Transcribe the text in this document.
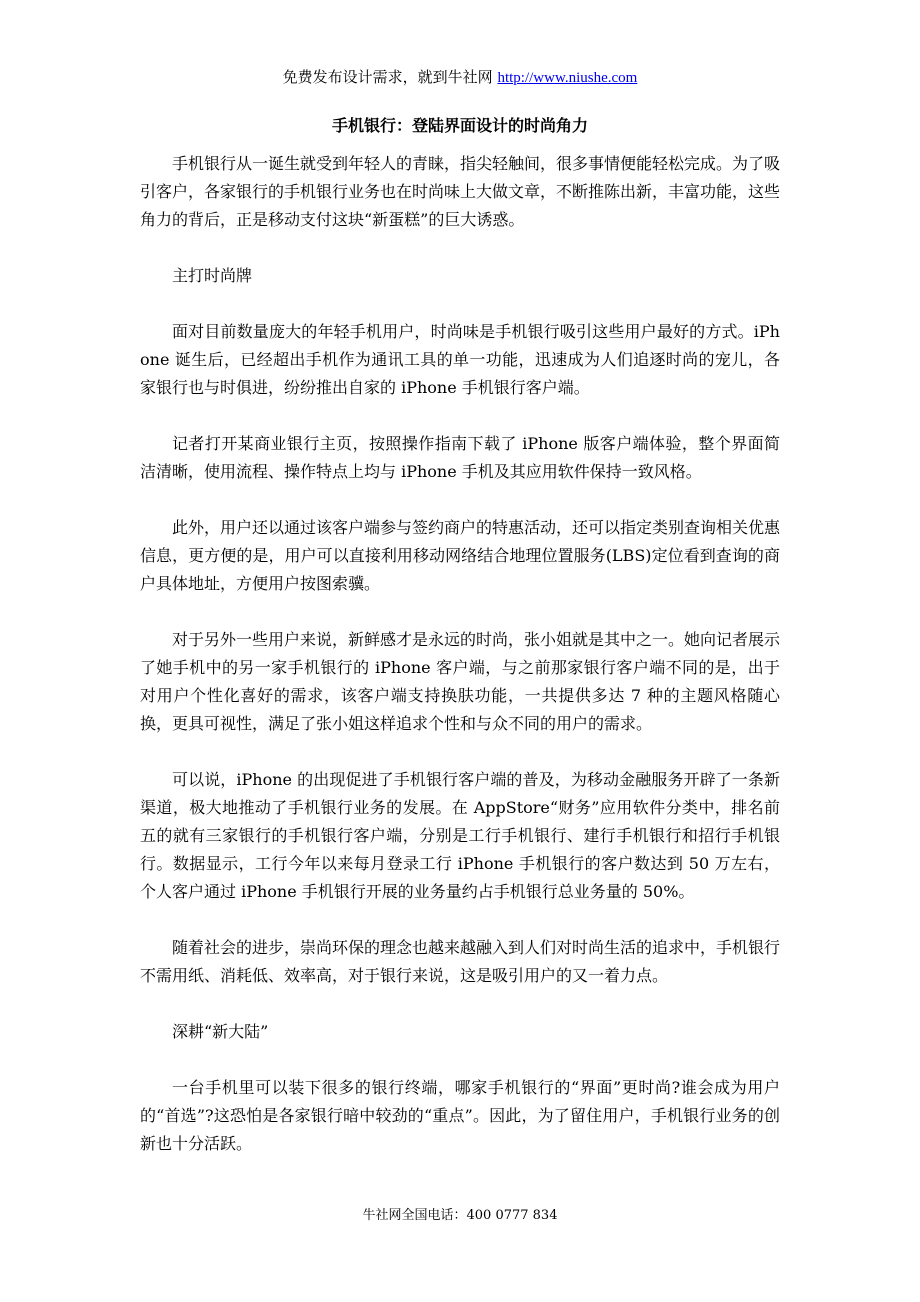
免费发布设计需求，就到牛社网 http://www.niushe.com
手机银行：登陆界面设计的时尚角力

手机银行从一诞生就受到年轻人的青睐，指尖轻触间，很多事情便能轻松完成。为了吸引客户，各家银行的手机银行业务也在时尚味上大做文章，不断推陈出新，丰富功能，这些角力的背后，正是移动支付这块“新蛋糕”的巨大诱惑。

主打时尚牌

面对目前数量庞大的年轻手机用户，时尚味是手机银行吸引这些用户最好的方式。iPhone 诞生后，已经超出手机作为通讯工具的单一功能，迅速成为人们追逐时尚的宠儿，各家银行也与时俱进，纷纷推出自家的 iPhone 手机银行客户端。

记者打开某商业银行主页，按照操作指南下载了 iPhone 版客户端体验，整个界面简洁清晰，使用流程、操作特点上均与 iPhone 手机及其应用软件保持一致风格。

此外，用户还以通过该客户端参与签约商户的特惠活动，还可以指定类别查询相关优惠信息，更方便的是，用户可以直接利用移动网络结合地理位置服务(LBS)定位看到查询的商户具体地址，方便用户按图索骥。

对于另外一些用户来说，新鲜感才是永远的时尚，张小姐就是其中之一。她向记者展示了她手机中的另一家手机银行的 iPhone 客户端，与之前那家银行客户端不同的是，出于对用户个性化喜好的需求，该客户端支持换肤功能，一共提供多达 7 种的主题风格随心换，更具可视性，满足了张小姐这样追求个性和与众不同的用户的需求。

可以说，iPhone 的出现促进了手机银行客户端的普及，为移动金融服务开辟了一条新渠道，极大地推动了手机银行业务的发展。在 AppStore“财务”应用软件分类中，排名前五的就有三家银行的手机银行客户端，分别是工行手机银行、建行手机银行和招行手机银行。数据显示，工行今年以来每月登录工行 iPhone 手机银行的客户数达到 50 万左右，个人客户通过 iPhone 手机银行开展的业务量约占手机银行总业务量的 50%。

随着社会的进步，崇尚环保的理念也越来越融入到人们对时尚生活的追求中，手机银行不需用纸、消耗低、效率高，对于银行来说，这是吸引用户的又一着力点。

深耕“新大陆”

一台手机里可以装下很多的银行终端，哪家手机银行的“界面”更时尚?谁会成为用户的“首选”?这恐怕是各家银行暗中较劲的“重点”。因此，为了留住用户，手机银行业务的创新也十分活跃。

牛社网全国电话：400 0777 834
